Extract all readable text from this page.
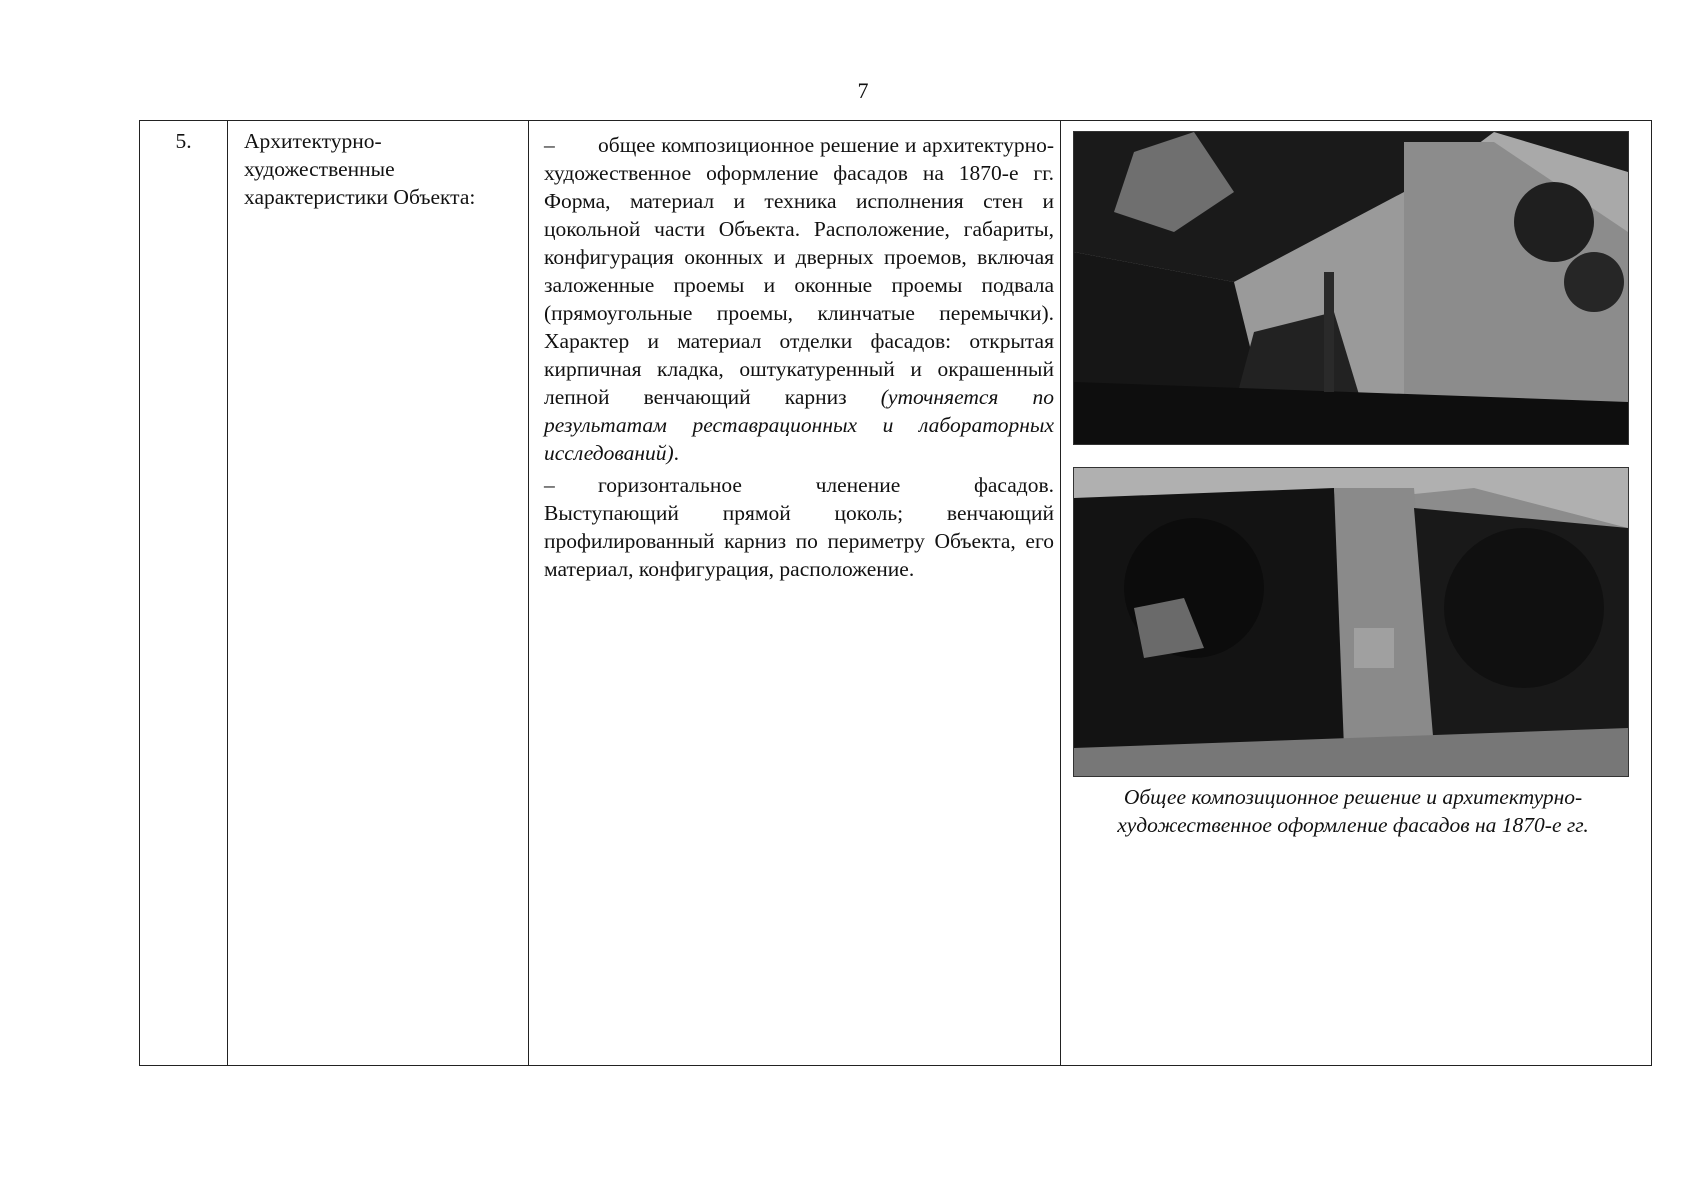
7
5.	Архитектурно-художественные характеристики Объекта:

– общее композиционное решение и архитектурно-художественное оформление фасадов на 1870-е гг. Форма, материал и техника исполнения стен и цокольной части Объекта. Расположение, габариты, конфигурация оконных и дверных проемов, включая заложенные проемы и оконные проемы подвала (прямоугольные проемы, клинчатые перемычки). Характер и материал отделки фасадов: открытая кирпичная кладка, оштукатуренный и окрашенный лепной венчающий карниз (уточняется по результатам реставрационных и лабораторных исследований).

– горизонтальное членение фасадов. Выступающий прямой цоколь; венчающий профилированный карниз по периметру Объекта, его материал, конфигурация, расположение.

Общее композиционное решение и архитектурно-художественное оформление фасадов на 1870-е гг.
